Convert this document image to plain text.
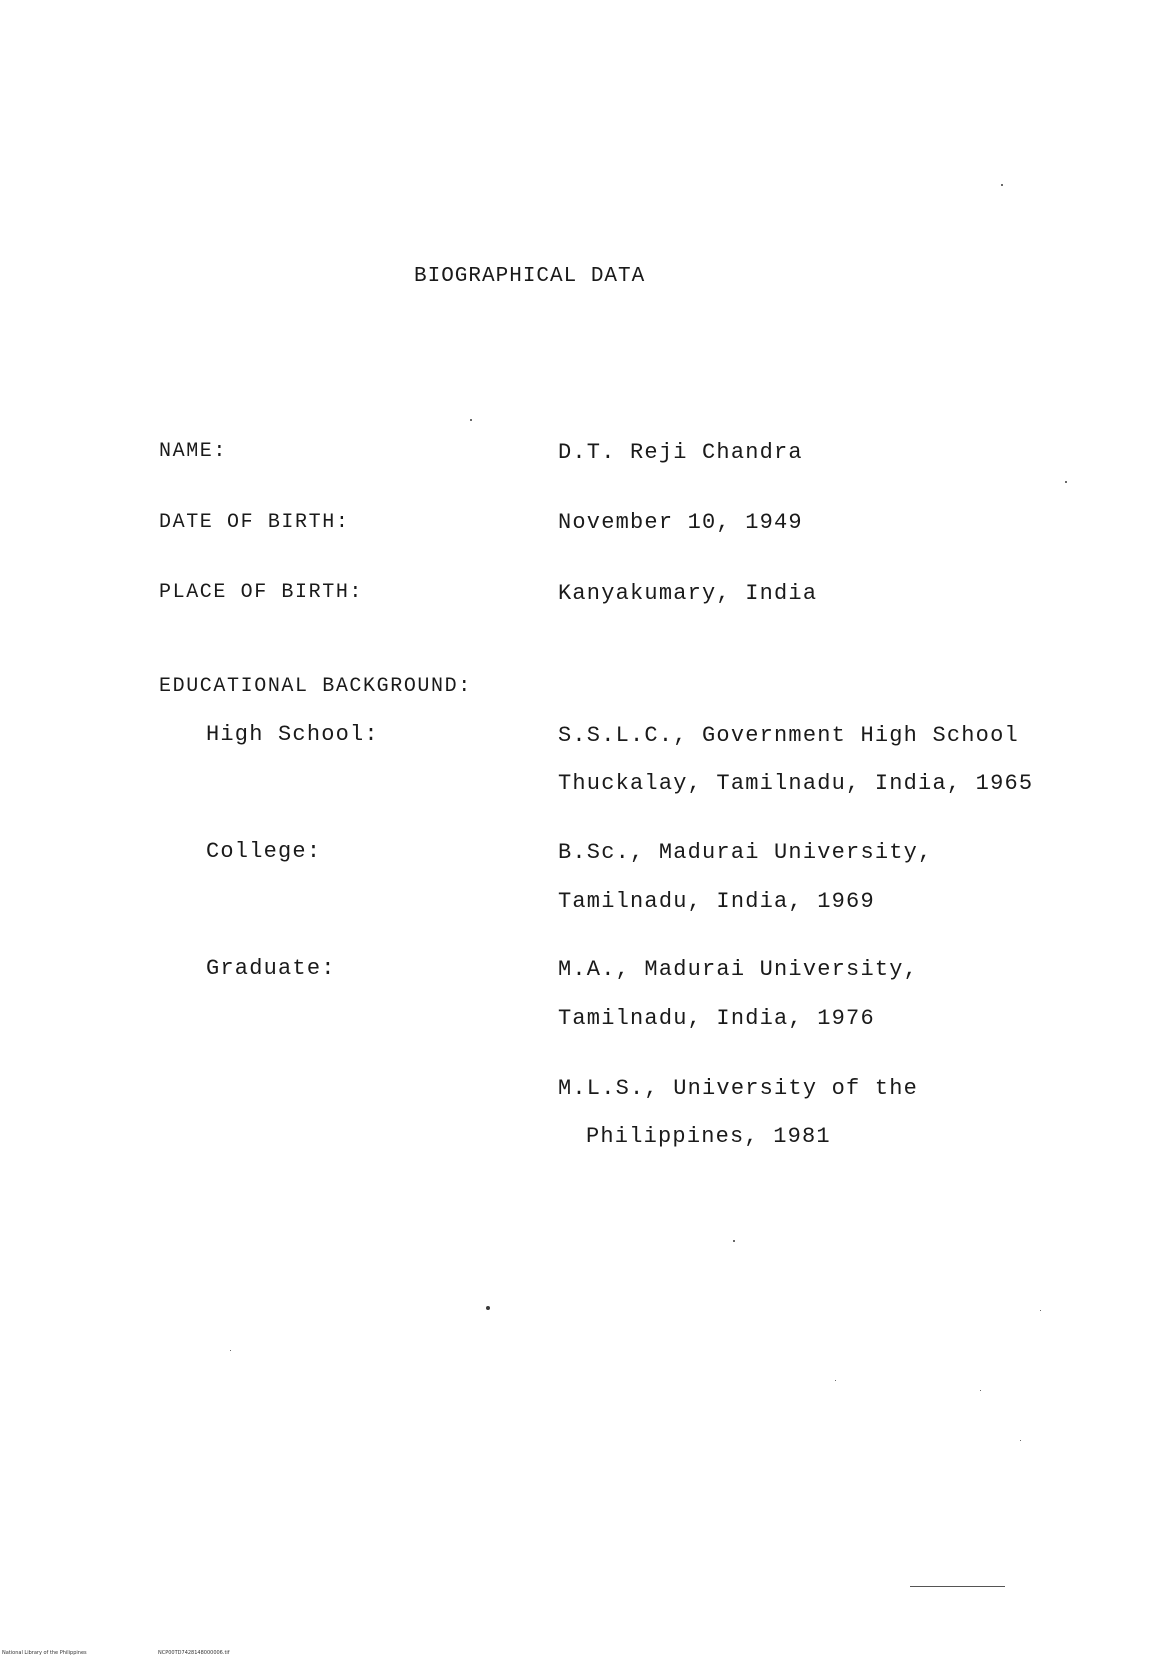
BIOGRAPHICAL DATA
NAME:	D.T. Reji Chandra
DATE OF BIRTH:	November 10, 1949
PLACE OF BIRTH:	Kanyakumary, India
EDUCATIONAL BACKGROUND:
High School:	S.S.L.C., Government High School
Thuckalay, Tamilnadu, India, 1965
College:	B.Sc., Madurai University,
Tamilnadu, India, 1969
Graduate:	M.A., Madurai University,
Tamilnadu, India, 1976
M.L.S., University of the
Philippines, 1981
National Library of the Philippines	NCP00TD7428148000006.tif
